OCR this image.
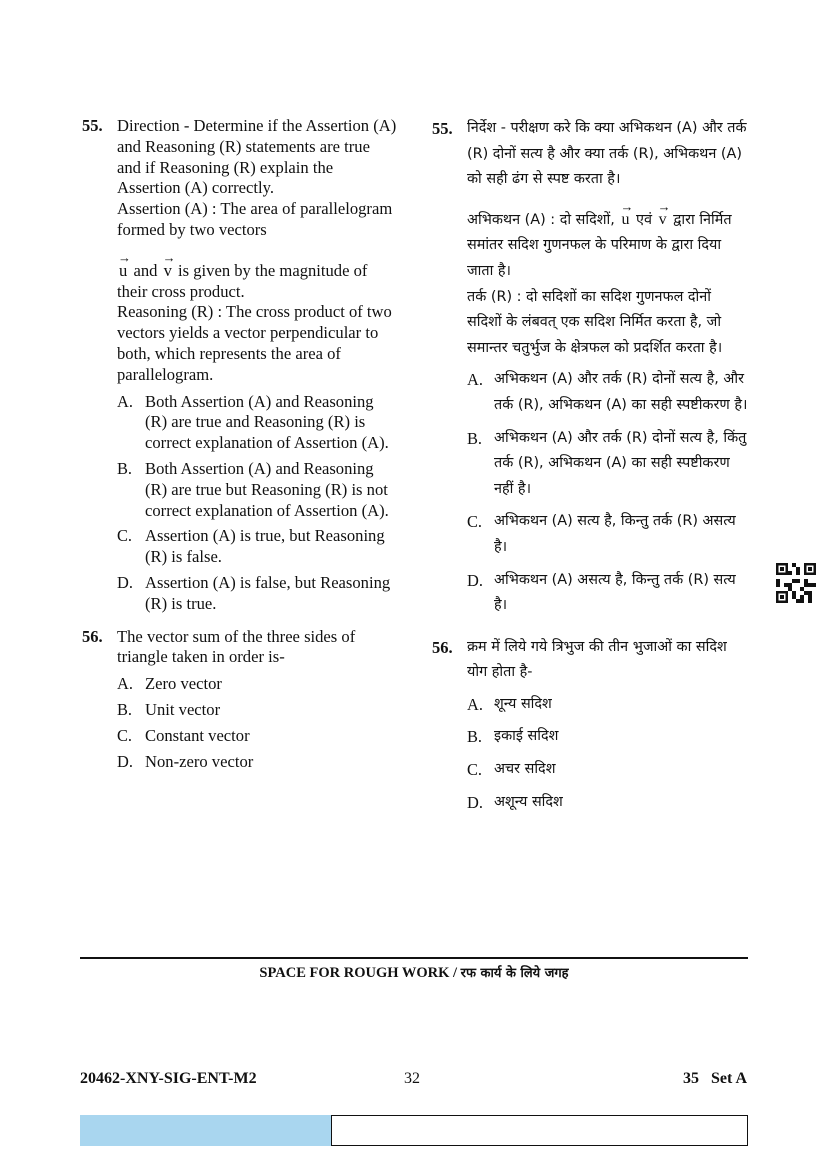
55. Direction - Determine if the Assertion (A) and Reasoning (R) statements are true and if Reasoning (R) explain the Assertion (A) correctly.

Assertion (A) : The area of parallelogram formed by two vectors

→ u and → v is given by the magnitude of their cross product.

Reasoning (R) : The cross product of two vectors yields a vector perpendicular to both, which represents the area of parallelogram.

A. Both Assertion (A) and Reasoning (R) are true and Reasoning (R) is correct explanation of Assertion (A).
B. Both Assertion (A) and Reasoning (R) are true but Reasoning (R) is not correct explanation of Assertion (A).
C. Assertion (A) is true, but Reasoning (R) is false.
D. Assertion (A) is false, but Reasoning (R) is true.
56. The vector sum of the three sides of triangle taken in order is-

A. Zero vector
B. Unit vector
C. Constant vector
D. Non-zero vector
55. निर्देश - परीक्षण करे कि क्या अभिकथन (A) और तर्क (R) दोनों सत्य है और क्या तर्क (R), अभिकथन (A) को सही ढंग से स्पष्ट करता है।

अभिकथन (A) : दो सदिशों, → u एवं → v द्वारा निर्मित समांतर सदिश गुणनफल के परिमाण के द्वारा दिया जाता है।

तर्क (R) : दो सदिशों का सदिश गुणनफल दोनों सदिशों के लंबवत् एक सदिश निर्मित करता है, जो समान्तर चतुर्भुज के क्षेत्रफल को प्रदर्शित करता है।

A. अभिकथन (A) और तर्क (R) दोनों सत्य है, और तर्क (R), अभिकथन (A) का सही स्पष्टीकरण है।
B. अभिकथन (A) और तर्क (R) दोनों सत्य है, किंतु तर्क (R), अभिकथन (A) का सही स्पष्टीकरण नहीं है।
C. अभिकथन (A) सत्य है, किन्तु तर्क (R) असत्य है।
D. अभिकथन (A) असत्य है, किन्तु तर्क (R) सत्य है।
56. क्रम में लिये गये त्रिभुज की तीन भुजाओं का सदिश योग होता है-

A. शून्य सदिश
B. इकाई सदिश
C. अचर सदिश
D. अशून्य सदिश
SPACE FOR ROUGH WORK / रफ कार्य के लिये जगह
20462-XNY-SIG-ENT-M2	32	35   Set A
